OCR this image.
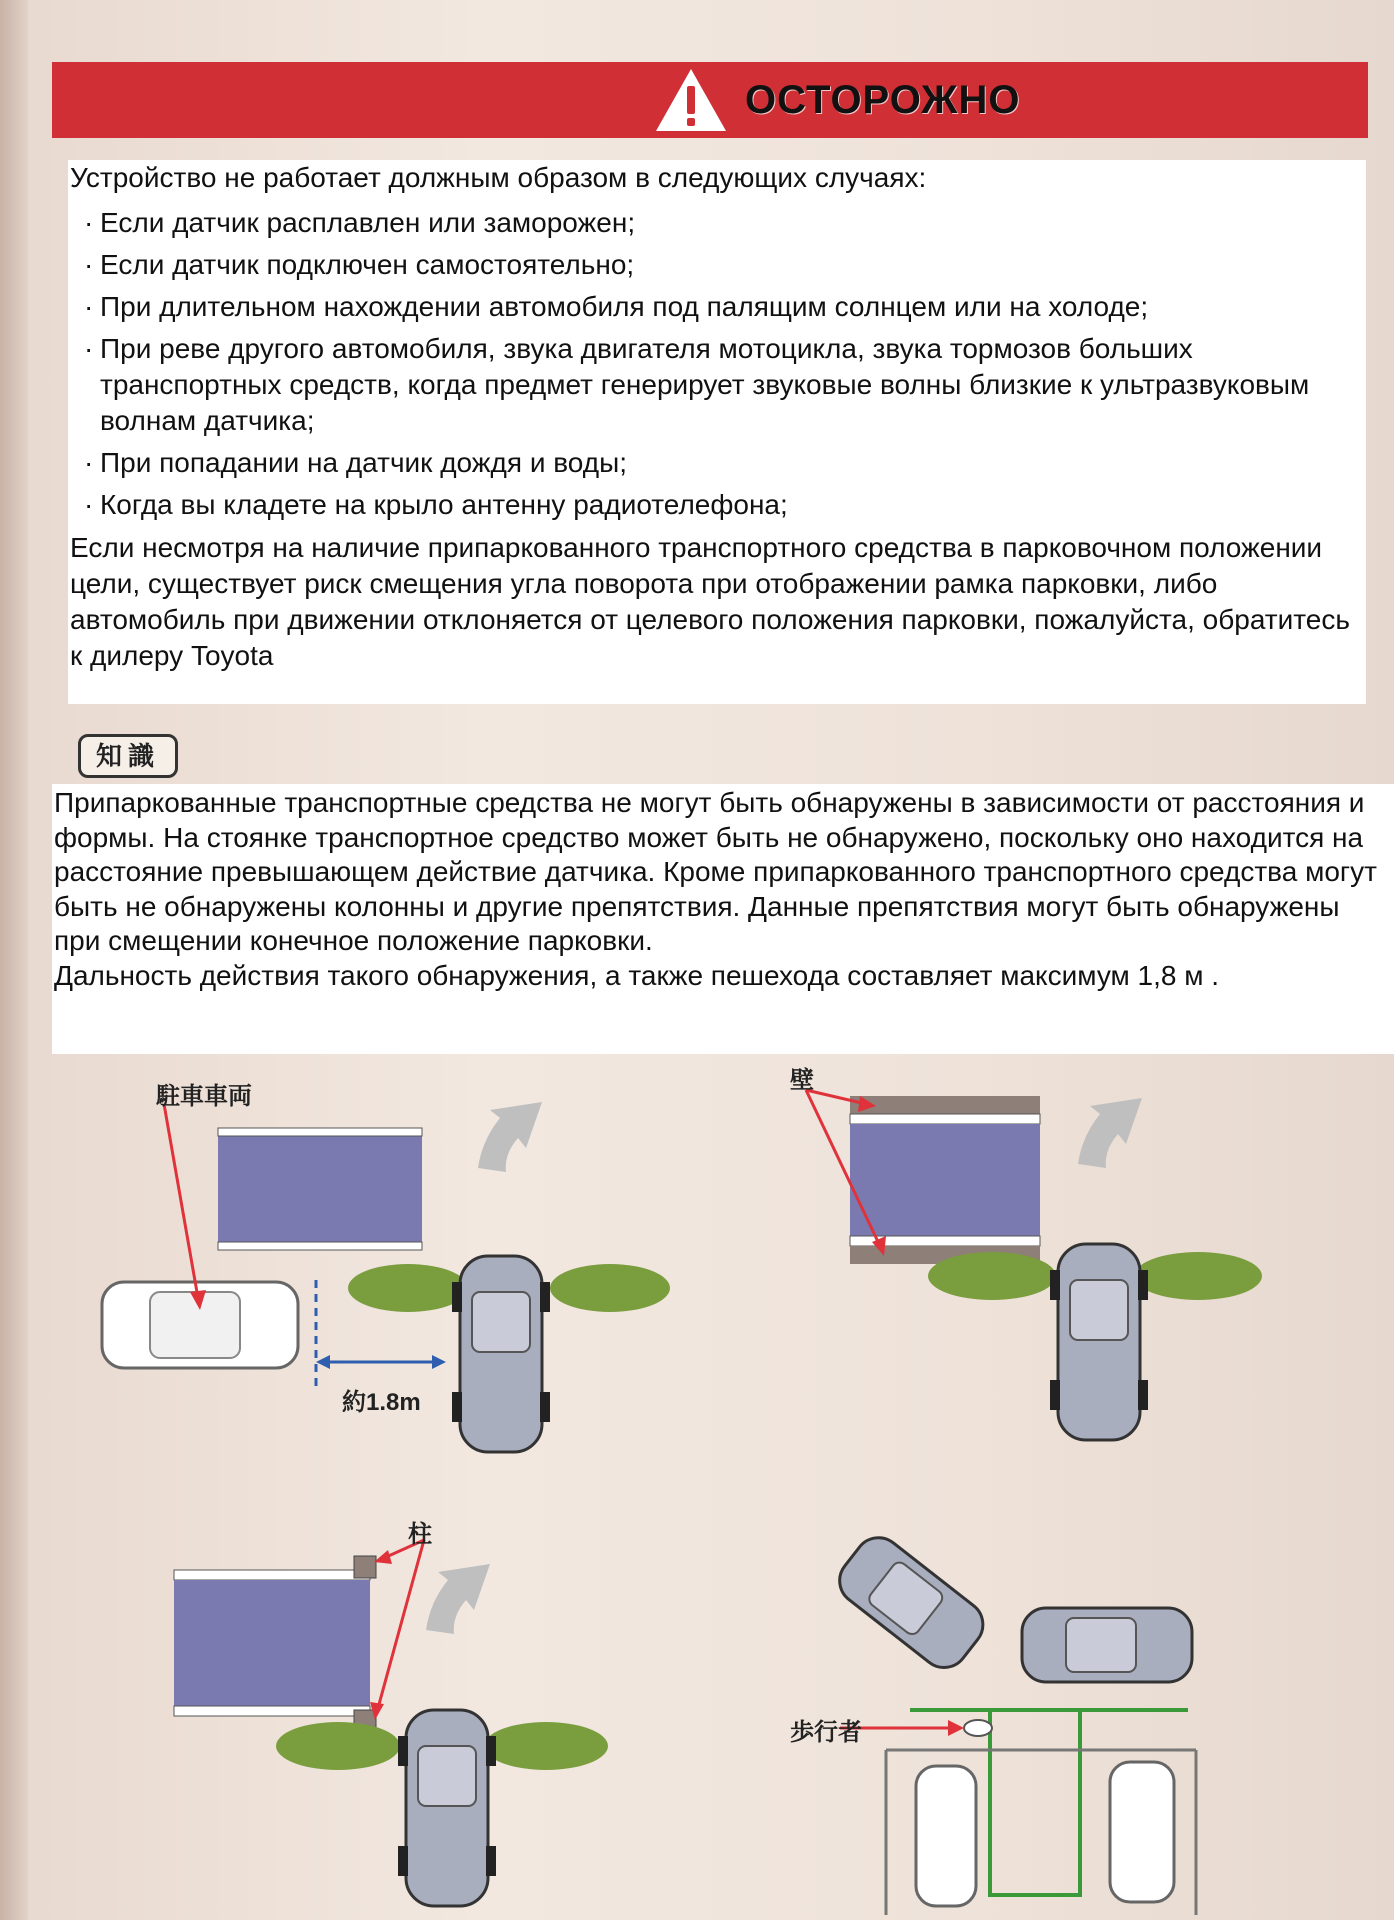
ОСТОРОЖНО
Устройство не работает должным образом в следующих случаях:
· Если датчик расплавлен или заморожен;
· Если датчик подключен самостоятельно;
· При длительном нахождении автомобиля под палящим солнцем или на холоде;
· При реве другого автомобиля, звука двигателя мотоцикла, звука тормозов больших транспортных средств, когда предмет генерирует звуковые волны близкие к ультразвуковым волнам датчика;
· При попадании на датчик дождя и воды;
· Когда вы кладете на крыло антенну радиотелефона;
Если несмотря на наличие припаркованного транспортного средства в парковочном положении цели, существует риск смещения угла поворота при отображении рамка парковки, либо автомобиль при движении отклоняется от целевого положения парковки, пожалуйста, обратитесь к дилеру Toyota
知識

Припаркованные транспортные средства не могут быть обнаружены в зависимости от расстояния и формы. На стоянке транспортное средство может быть не обнаружено, поскольку оно находится на расстояние превышающем действие датчика. Кроме припаркованного транспортного средства могут быть не обнаружены колонны и другие препятствия. Данные препятствия могут быть обнаружены при смещении конечное положение парковки.

Дальность действия такого обнаружения, а также пешехода составляет максимум 1,8 м .

駐車車両
約1.8m
壁
柱
歩行者
